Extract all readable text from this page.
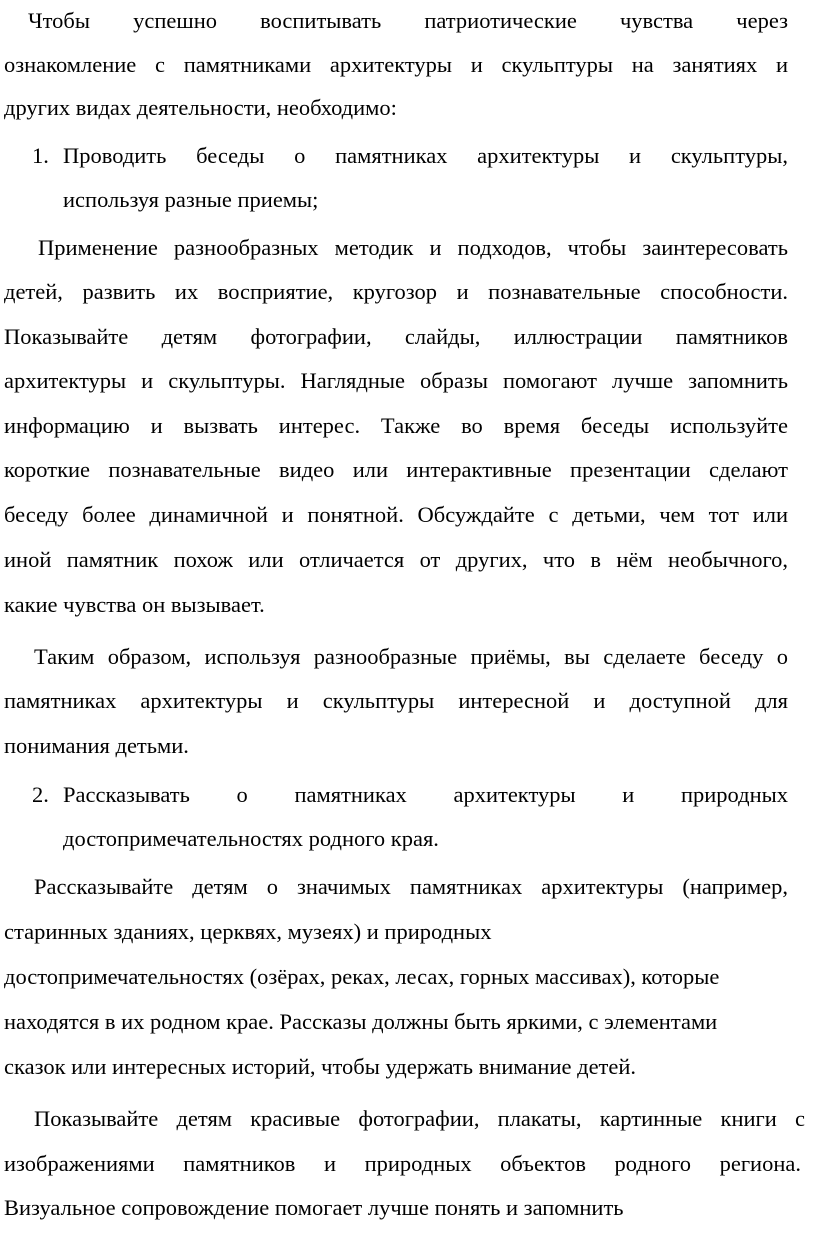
Чтобы успешно воспитывать патриотические чувства через
ознакомление с памятниками архитектуры и скульптуры на занятиях и
других видах деятельности, необходимо:
1. Проводить беседы о памятниках архитектуры и скульптуры,
используя разные приемы;
Применение разнообразных методик и подходов, чтобы заинтересовать
детей, развить их восприятие, кругозор и познавательные способности.
Показывайте детям фотографии, слайды, иллюстрации памятников
архитектуры и скульптуры. Наглядные образы помогают лучше запомнить
информацию и вызвать интерес. Также во время беседы используйте
короткие познавательные видео или интерактивные презентации сделают
беседу более динамичной и понятной. Обсуждайте с детьми, чем тот или
иной памятник похож или отличается от других, что в нём необычного,
какие чувства он вызывает.
Таким образом, используя разнообразные приёмы, вы сделаете беседу о
памятниках архитектуры и скульптуры интересной и доступной для
понимания детьми.
2. Рассказывать о памятниках архитектуры и природных
достопримечательностях родного края.
Рассказывайте детям о значимых памятниках архитектуры (например,
старинных зданиях, церквях, музеях) и природных
достопримечательностях (озёрах, реках, лесах, горных массивах), которые
находятся в их родном крае. Рассказы должны быть яркими, с элементами
сказок или интересных историй, чтобы удержать внимание детей.
Показывайте детям красивые фотографии, плакаты, картинные книги с
изображениями памятников и природных объектов родного региона.
Визуальное сопровождение помогает лучше понять и запомнить
